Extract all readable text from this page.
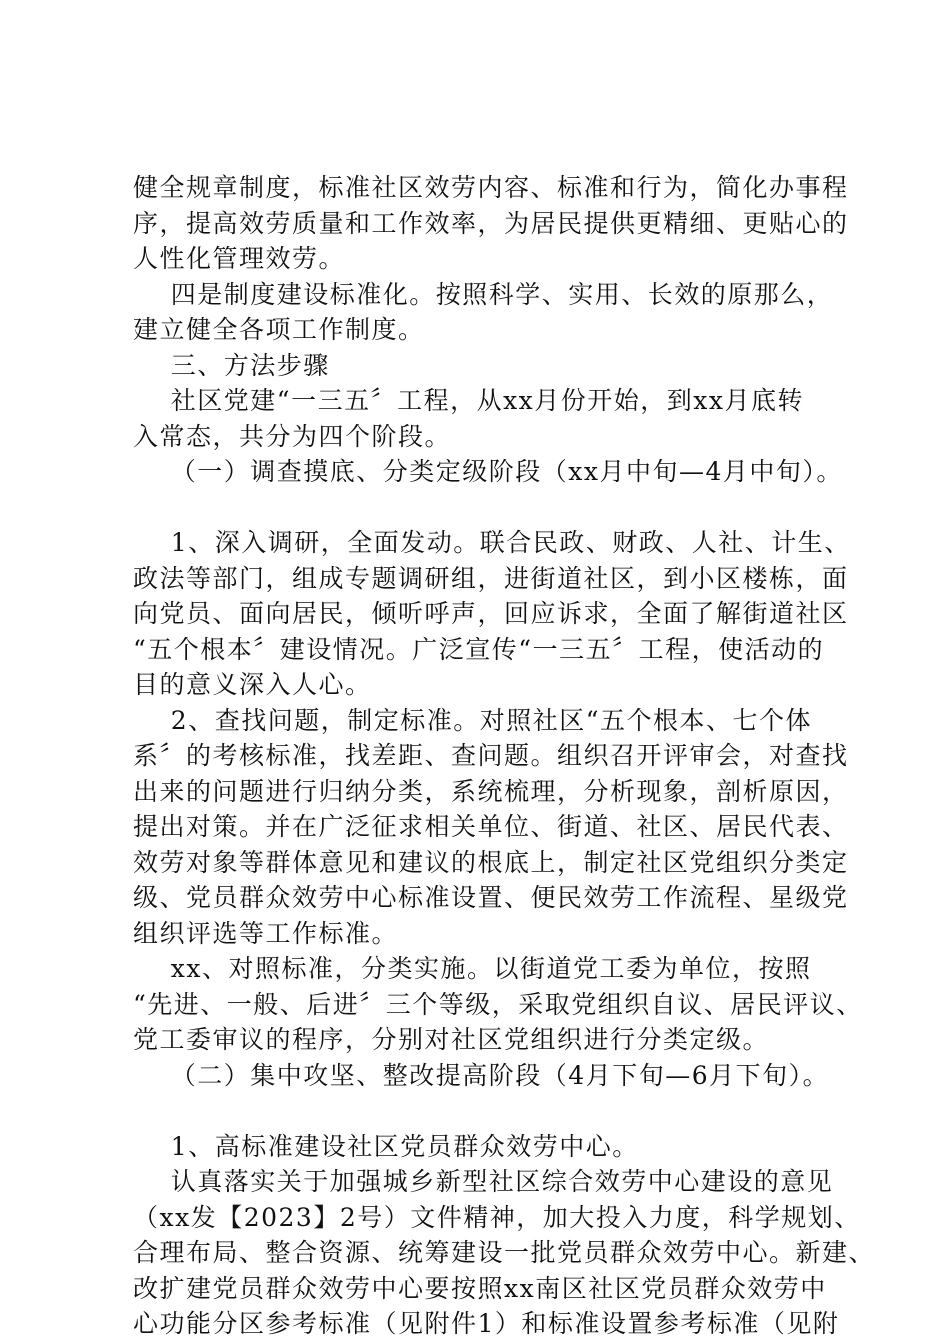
健全规章制度，标准社区效劳内容、标准和行为，简化办事程
序，提高效劳质量和工作效率，为居民提供更精细、更贴心的
人性化管理效劳。
四是制度建设标准化。按照科学、实用、长效的原那么，
建立健全各项工作制度。
三、方法步骤
社区党建“一三五〞工程，从xx月份开始，到xx月底转
入常态，共分为四个阶段。
（一）调查摸底、分类定级阶段（xx月中旬—4月中旬）。
1、深入调研，全面发动。联合民政、财政、人社、计生、
政法等部门，组成专题调研组，进街道社区，到小区楼栋，面
向党员、面向居民，倾听呼声，回应诉求，全面了解街道社区
“五个根本〞建设情况。广泛宣传“一三五〞工程，使活动的
目的意义深入人心。
2、查找问题，制定标准。对照社区“五个根本、七个体
系〞的考核标准，找差距、查问题。组织召开评审会，对查找
出来的问题进行归纳分类，系统梳理，分析现象，剖析原因，
提出对策。并在广泛征求相关单位、街道、社区、居民代表、
效劳对象等群体意见和建议的根底上，制定社区党组织分类定
级、党员群众效劳中心标准设置、便民效劳工作流程、星级党
组织评选等工作标准。
xx、对照标准，分类实施。以街道党工委为单位，按照
“先进、一般、后进〞三个等级，采取党组织自议、居民评议、
党工委审议的程序，分别对社区党组织进行分类定级。
（二）集中攻坚、整改提高阶段（4月下旬—6月下旬）。
1、高标准建设社区党员群众效劳中心。
认真落实关于加强城乡新型社区综合效劳中心建设的意见
（xx发【2023】2号）文件精神，加大投入力度，科学规划、
合理布局、整合资源、统筹建设一批党员群众效劳中心。新建、
改扩建党员群众效劳中心要按照xx南区社区党员群众效劳中
心功能分区参考标准（见附件1）和标准设置参考标准（见附
